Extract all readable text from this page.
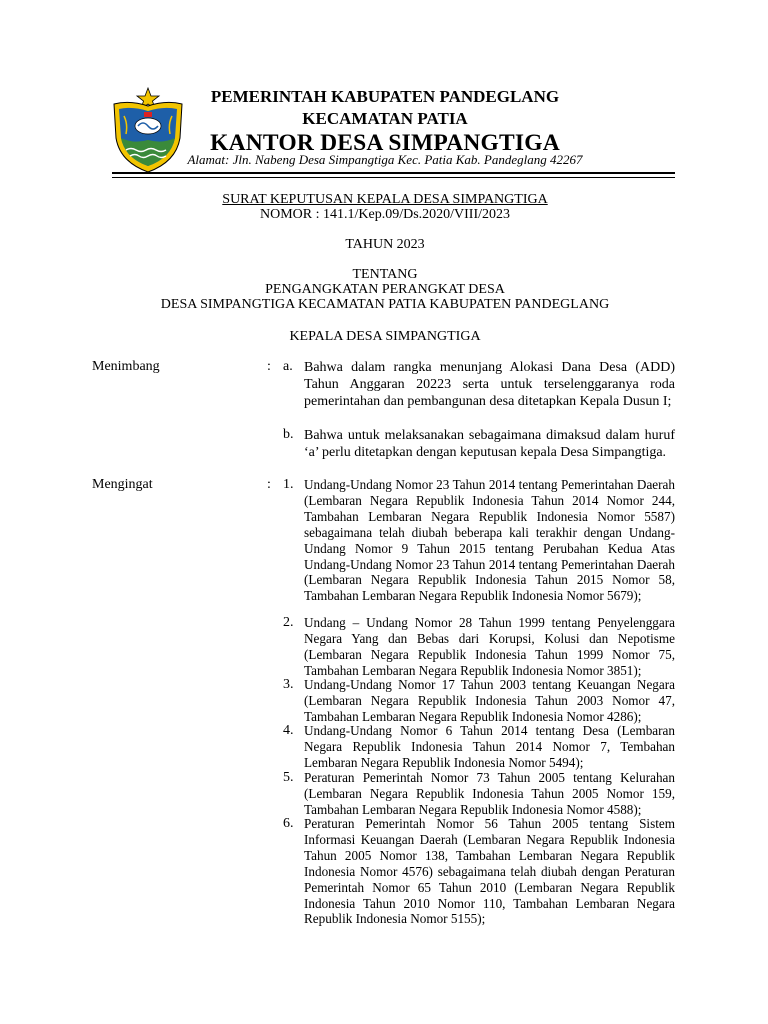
PEMERINTAH KABUPATEN PANDEGLANG
KECAMATAN PATIA
KANTOR DESA SIMPANGTIGA
Alamat: Jln. Nabeng Desa Simpangtiga Kec. Patia Kab. Pandeglang 42267
SURAT KEPUTUSAN KEPALA DESA SIMPANGTIGA
NOMOR : 141.1/Kep.09/Ds.2020/VIII/2023
TAHUN 2023
TENTANG
PENGANGKATAN PERANGKAT DESA
DESA SIMPANGTIGA KECAMATAN PATIA KABUPATEN PANDEGLANG
KEPALA DESA SIMPANGTIGA
Menimbang	: a. Bahwa dalam rangka menunjang Alokasi Dana Desa (ADD) Tahun Anggaran 20223 serta untuk terselenggaranya roda pemerintahan dan pembangunan desa ditetapkan Kepala Dusun I;
b. Bahwa untuk melaksanakan sebagaimana dimaksud dalam huruf ‘a’ perlu ditetapkan dengan keputusan kepala Desa Simpangtiga.
Mengingat	: 1. Undang-Undang Nomor 23 Tahun 2014 tentang Pemerintahan Daerah (Lembaran Negara Republik Indonesia Tahun 2014 Nomor 244, Tambahan Lembaran Negara Republik Indonesia Nomor 5587) sebagaimana telah diubah beberapa kali terakhir dengan Undang-Undang Nomor 9 Tahun 2015 tentang Perubahan Kedua Atas Undang-Undang Nomor 23 Tahun 2014 tentang Pemerintahan Daerah (Lembaran Negara Republik Indonesia Tahun 2015 Nomor 58, Tambahan Lembaran Negara Republik Indonesia Nomor 5679);
2. Undang – Undang Nomor 28 Tahun 1999 tentang Penyelenggara Negara Yang dan Bebas dari Korupsi, Kolusi dan Nepotisme (Lembaran Negara Republik Indonesia Tahun 1999 Nomor 75, Tambahan Lembaran Negara Republik Indonesia Nomor 3851);
3. Undang-Undang Nomor 17 Tahun 2003 tentang Keuangan Negara (Lembaran Negara Republik Indonesia Tahun 2003 Nomor 47, Tambahan Lembaran Negara Republik Indonesia Nomor 4286);
4. Undang-Undang Nomor 6 Tahun 2014 tentang Desa (Lembaran Negara Republik Indonesia Tahun 2014 Nomor 7, Tembahan Lembaran Negara Republik Indonesia Nomor 5494);
5. Peraturan Pemerintah Nomor 73 Tahun 2005 tentang Kelurahan (Lembaran Negara Republik Indonesia Tahun 2005 Nomor 159, Tambahan Lembaran Negara Republik Indonesia Nomor 4588);
6. Peraturan Pemerintah Nomor 56 Tahun 2005 tentang Sistem Informasi Keuangan Daerah (Lembaran Negara Republik Indonesia Tahun 2005 Nomor 138, Tambahan Lembaran Negara Republik Indonesia Nomor 4576) sebagaimana telah diubah dengan Peraturan Pemerintah Nomor 65 Tahun 2010 (Lembaran Negara Republik Indonesia Tahun 2010 Nomor 110, Tambahan Lembaran Negara Republik Indonesia Nomor 5155);
